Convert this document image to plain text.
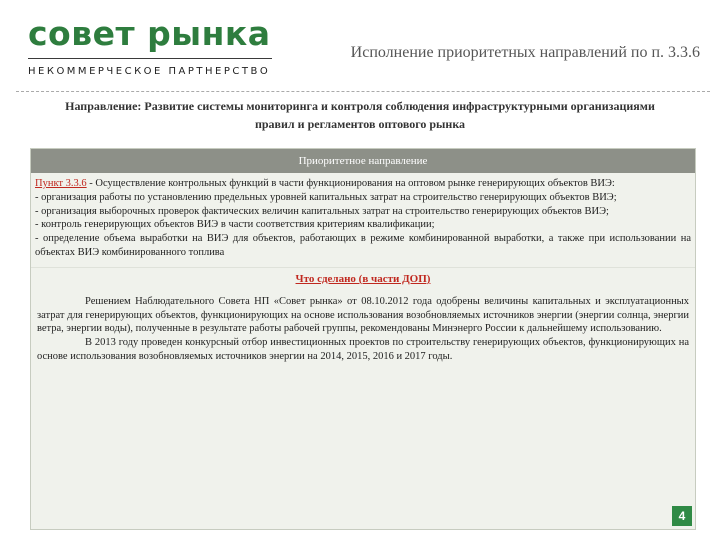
совет рынка
НЕКОММЕРЧЕСКОЕ ПАРТНЕРСТВО
Исполнение приоритетных направлений по п. 3.3.6
Направление: Развитие системы мониторинга и контроля соблюдения инфраструктурными организациями правил и регламентов оптового рынка
Приоритетное направление

Пункт 3.3.6 - Осуществление контрольных функций в части функционирования на оптовом рынке генерирующих объектов ВИЭ:

- организация работы по установлению предельных уровней капитальных затрат на строительство генерирующих объектов ВИЭ;

- организация выборочных проверок фактических величин капитальных затрат на строительство генерирующих объектов ВИЭ;

- контроль генерирующих объектов ВИЭ в части соответствия критериям квалификации;

- определение объема выработки на ВИЭ для объектов, работающих в режиме комбинированной выработки, а также при использовании на объектах ВИЭ комбинированного топлива

Что сделано (в части ДОП)

Решением Наблюдательного Совета НП «Совет рынка» от 08.10.2012 года одобрены величины капитальных и эксплуатационных затрат для генерирующих объектов, функционирующих на основе использования возобновляемых источников энергии (энергии солнца, энергии ветра, энергии воды), полученные в результате работы рабочей группы, рекомендованы Минэнерго России к дальнейшему использованию.

В 2013 году проведен конкурсный отбор инвестиционных проектов по строительству генерирующих объектов, функционирующих на основе использования возобновляемых источников энергии на 2014, 2015, 2016 и 2017 годы.

4
